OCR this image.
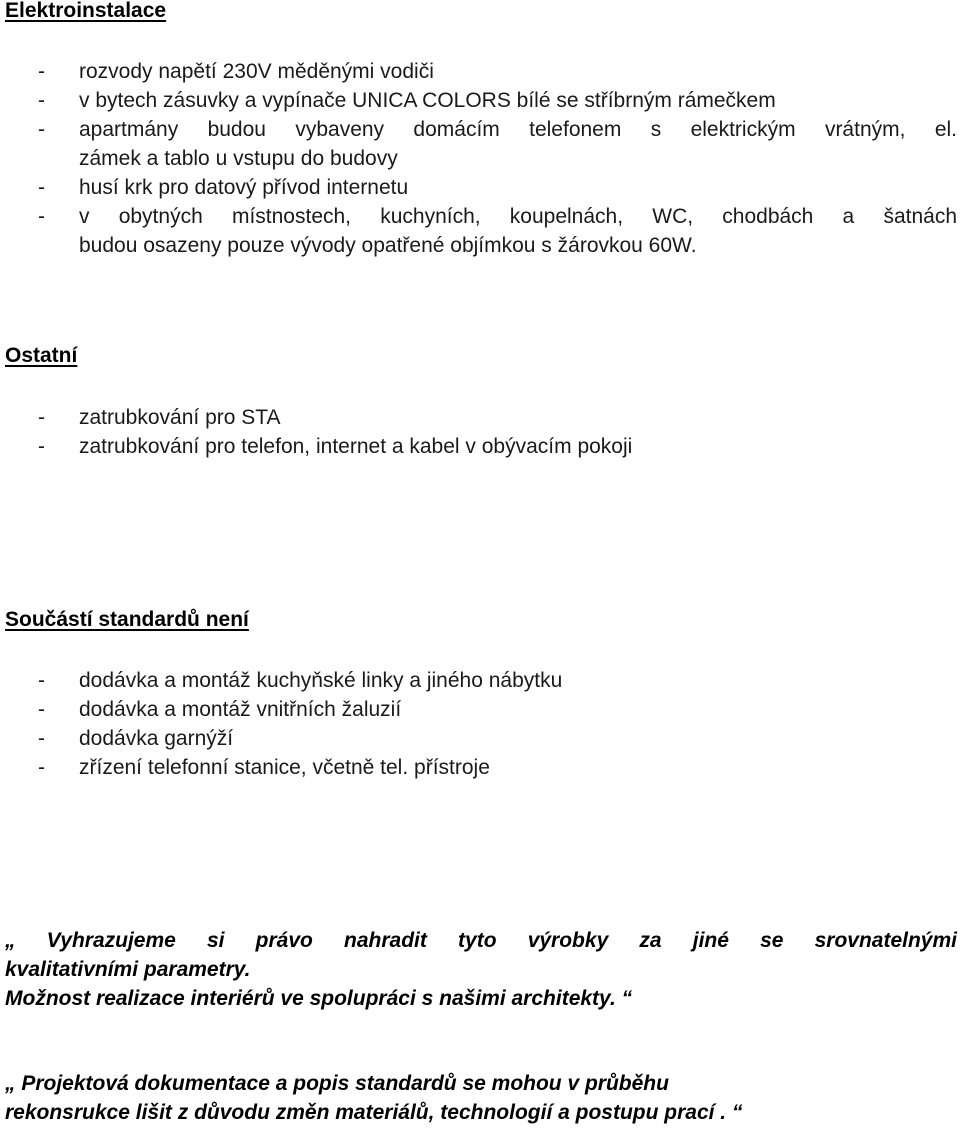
Elektroinstalace
- rozvody napětí 230V měděnými vodiči
- v bytech zásuvky a vypínače UNICA COLORS bílé se stříbrným rámečkem
- apartmány budou vybaveny domácím telefonem s elektrickým vrátným, el.
zámek a tablo u vstupu do budovy
- husí krk pro datový přívod internetu
- v obytných místnostech, kuchyních, koupelnách, WC, chodbách a šatnách
budou osazeny pouze vývody opatřené objímkou s žárovkou 60W.
Ostatní
- zatrubkování pro STA
- zatrubkování pro telefon, internet a kabel v obývacím pokoji
Součástí standardů není
- dodávka a montáž kuchyňské linky a jiného nábytku
- dodávka a montáž vnitřních žaluzií
- dodávka garnýží
- zřízení telefonní stanice, včetně tel. přístroje
„ Vyhrazujeme si právo nahradit tyto výrobky za jiné se srovnatelnými
kvalitativními parametry.
Možnost realizace interiérů ve spolupráci s našimi architekty. “
„ Projektová dokumentace a popis standardů se mohou v průběhu
rekonsrukce lišit z důvodu změn materiálů, technologií a postupu prací . “
